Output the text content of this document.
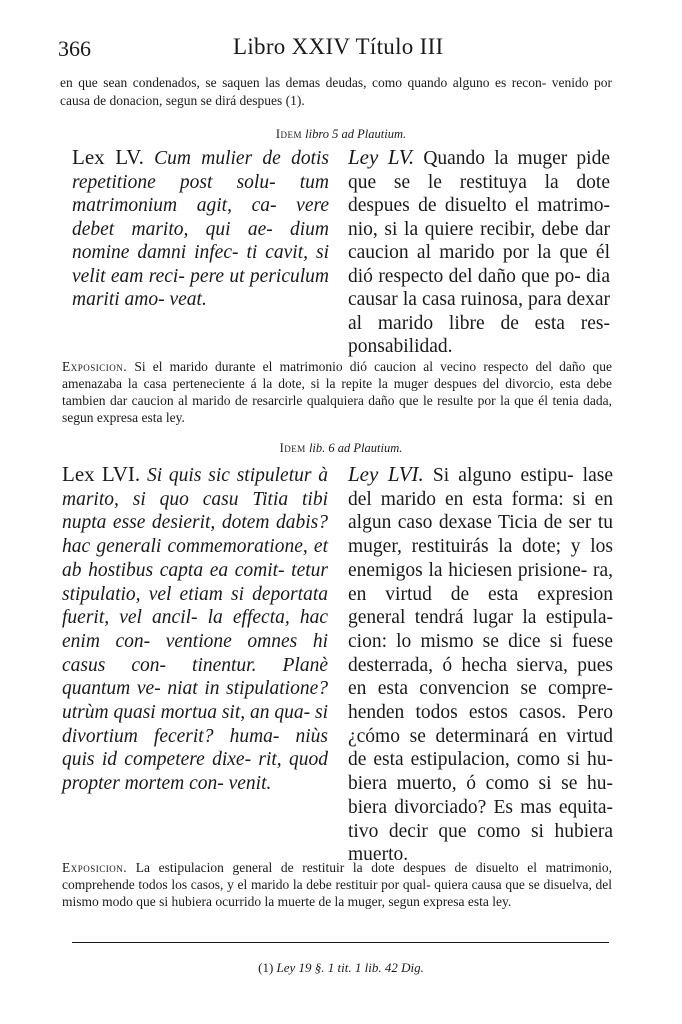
366	Libro XXIV Título III
en que sean condenados, se saquen las demas deudas, como quando alguno es recon- venido por causa de donacion, segun se dirá despues (1).
Idem libro 5 ad Plautium.
Lex LV. Cum mulier de dotis repetitione post solu- tum matrimonium agit, ca- vere debet marito, qui ae- dium nomine damni infec- ti cavit, si velit eam reci- pere ut periculum mariti amo- veat.
Ley LV. Quando la muger pide que se le restituya la dote despues de disuelto el matrimo- nio, si la quiere recibir, debe dar caucion al marido por la que él dió respecto del daño que po- dia causar la casa ruinosa, para dexar al marido libre de esta res- ponsabilidad.
Exposicion. Si el marido durante el matrimonio dió caucion al vecino respecto del daño que amenazaba la casa perteneciente á la dote, si la repite la muger despues del divorcio, esta debe tambien dar caucion al marido de resarcirle qualquiera daño que le resulte por la que él tenia dada, segun expresa esta ley.
Idem lib. 6 ad Plautium.
Lex LVI. Si quis sic stipuletur à marito, si quo casu Titia tibi nupta esse desierit, dotem dabis? hac generali commemoratione, et ab hostibus capta ea comit- tetur stipulatio, vel etiam si deportata fuerit, vel ancil- la effecta, hac enim con- ventione omnes hi casus con- tinentur. Planè quantum ve- niat in stipulatione? utrùm quasi mortua sit, an qua- si divortium fecerit? huma- niùs quis id competere dixe- rit, quod propter mortem con- venit.
Ley LVI. Si alguno estipu- lase del marido en esta forma: si en algun caso dexase Ticia de ser tu muger, restituirás la dote; y los enemigos la hiciesen prisione- ra, en virtud de esta expresion general tendrá lugar la estipula- cion: lo mismo se dice si fuese desterrada, ó hecha sierva, pues en esta convencion se compre- henden todos estos casos. Pero ¿cómo se determinará en virtud de esta estipulacion, como si hu- biera muerto, ó como si se hu- biera divorciado? Es mas equita- tivo decir que como si hubiera muerto.
Exposicion. La estipulacion general de restituir la dote despues de disuelto el matrimonio, comprehende todos los casos, y el marido la debe restituir por qual- quiera causa que se disuelva, del mismo modo que si hubiera ocurrido la muerte de la muger, segun expresa esta ley.
(1) Ley 19 §. 1 tit. 1 lib. 42 Dig.
